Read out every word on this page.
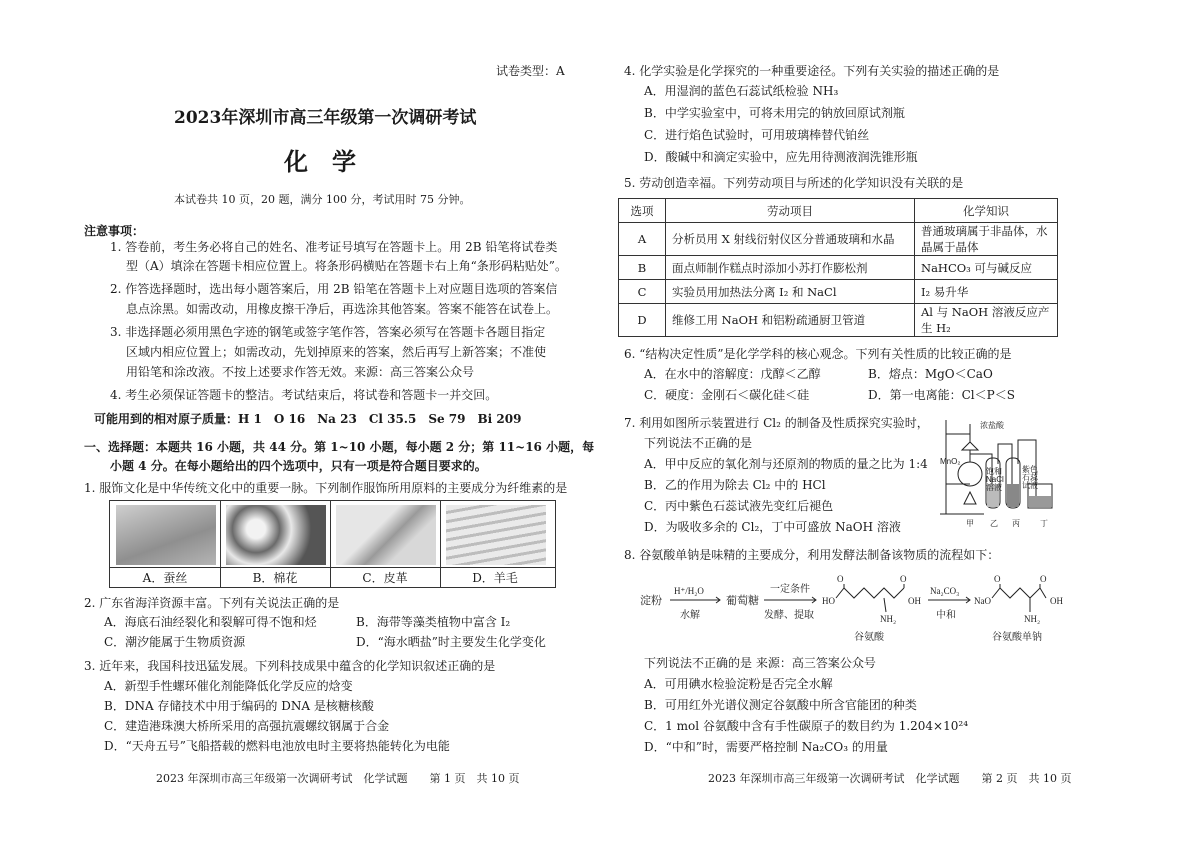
试卷类型：A
2023年深圳市高三年级第一次调研考试
化　学
本试卷共 10 页，20 题，满分 100 分，考试用时 75 分钟。
注意事项：
1. 答卷前，考生务必将自己的姓名、准考证号填写在答题卡上。用 2B 铅笔将试卷类
型（A）填涂在答题卡相应位置上。将条形码横贴在答题卡右上角“条形码粘贴处”。
2. 作答选择题时，选出每小题答案后，用 2B 铅笔在答题卡上对应题目选项的答案信
息点涂黑。如需改动，用橡皮擦干净后，再选涂其他答案。答案不能答在试卷上。
3. 非选择题必须用黑色字迹的钢笔或签字笔作答，答案必须写在答题卡各题目指定
区域内相应位置上；如需改动，先划掉原来的答案，然后再写上新答案；不准使
用铅笔和涂改液。不按上述要求作答无效。来源：高三答案公众号
4. 考生必须保证答题卡的整洁。考试结束后，将试卷和答题卡一并交回。
可能用到的相对原子质量：H 1　O 16　Na 23　Cl 35.5　Se 79　Bi 209
一、选择题：本题共 16 小题，共 44 分。第 1~10 小题，每小题 2 分；第 11~16 小题，每
小题 4 分。在每小题给出的四个选项中，只有一项是符合题目要求的。
1. 服饰文化是中华传统文化中的重要一脉。下列制作服饰所用原料的主要成分为纤维素的是
A．蚕丝	B．棉花	C．皮革	D．羊毛
2. 广东省海洋资源丰富。下列有关说法正确的是
A．海底石油经裂化和裂解可得不饱和烃	B．海带等藻类植物中富含 I₂
C．潮汐能属于生物质资源	D．“海水晒盐”时主要发生化学变化
3. 近年来，我国科技迅猛发展。下列科技成果中蕴含的化学知识叙述正确的是
A．新型手性螺环催化剂能降低化学反应的焓变
B．DNA 存储技术中用于编码的 DNA 是核糖核酸
C．建造港珠澳大桥所采用的高强抗震螺纹钢属于合金
D．“天舟五号”飞船搭载的燃料电池放电时主要将热能转化为电能
2023 年深圳市高三年级第一次调研考试　化学试题　　第 1 页　共 10 页
4. 化学实验是化学探究的一种重要途径。下列有关实验的描述正确的是
A．用湿润的蓝色石蕊试纸检验 NH₃
B．中学实验室中，可将未用完的钠放回原试剂瓶
C．进行焰色试验时，可用玻璃棒替代铂丝
D．酸碱中和滴定实验中，应先用待测液润洗锥形瓶
5. 劳动创造幸福。下列劳动项目与所述的化学知识没有关联的是
选项	劳动项目	化学知识
A	分析员用 X 射线衍射仪区分普通玻璃和水晶	普通玻璃属于非晶体，水晶属于晶体
B	面点师制作糕点时添加小苏打作膨松剂	NaHCO₃ 可与碱反应
C	实验员用加热法分离 I₂ 和 NaCl	I₂ 易升华
D	维修工用 NaOH 和铝粉疏通厨卫管道	Al 与 NaOH 溶液反应产生 H₂
6. “结构决定性质”是化学学科的核心观念。下列有关性质的比较正确的是
A．在水中的溶解度：戊醇＜乙醇	B．熔点：MgO＜CaO
C．硬度：金刚石＜碳化硅＜硅	D．第一电离能：Cl＜P＜S
7. 利用如图所示装置进行 Cl₂ 的制备及性质探究实验时，
下列说法不正确的是
A．甲中反应的氧化剂与还原剂的物质的量之比为 1:4
B．乙的作用为除去 Cl₂ 中的 HCl
C．丙中紫色石蕊试液先变红后褪色
D．为吸收多余的 Cl₂，丁中可盛放 NaOH 溶液
浓盐酸
MnO₂
饱和
NaCl
溶液
紫色
石蕊
试液
甲 乙 丙	丁
8. 谷氨酸单钠是味精的主要成分，利用发酵法制备该物质的流程如下：
淀粉
H⁺/H₂O
水解
葡萄糖
一定条件
发酵、提取
HO
O	O
OH
NH₂
谷氨酸
Na₂CO₃
中和
NaO
O	O
OH
NH₂
谷氨酸单钠
下列说法不正确的是 来源：高三答案公众号
A．可用碘水检验淀粉是否完全水解
B．可用红外光谱仪测定谷氨酸中所含官能团的种类
C．1 mol 谷氨酸中含有手性碳原子的数目约为 1.204×10²⁴
D．“中和”时，需要严格控制 Na₂CO₃ 的用量
2023 年深圳市高三年级第一次调研考试　化学试题　　第 2 页　共 10 页
